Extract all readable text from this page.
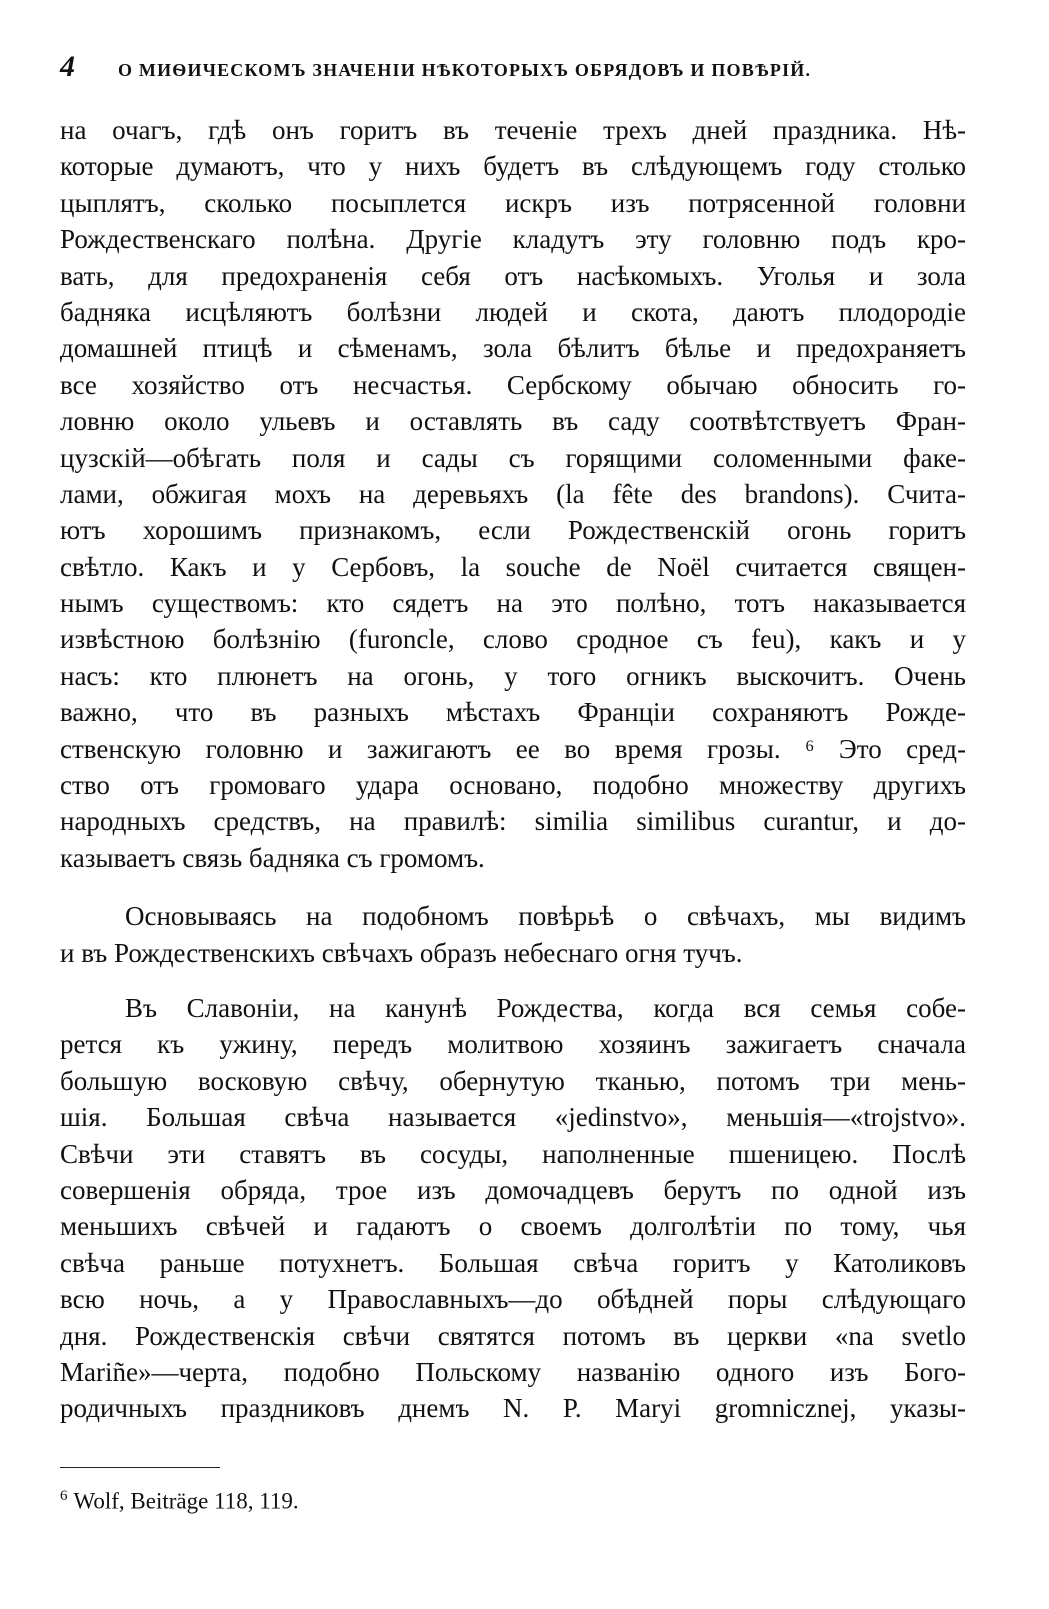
4 О МИѲИЧЕСКОМЪ ЗНАЧЕНІИ НѢКОТОРЫХЪ ОБРЯДОВЪ И ПОВѢРІЙ.
на очагъ, гдѣ онъ горитъ въ теченіе трехъ дней праздника. Нѣ-
которые думаютъ, что у нихъ будетъ въ слѣдующемъ году столько
цыплятъ, сколько посыплется искръ изъ потрясенной головни
Рождественскаго полѣна. Другіе кладутъ эту головню подъ кро-
вать, для предохраненія себя отъ насѣкомыхъ. Уголья и зола
бадняка исцѣляютъ болѣзни людей и скота, даютъ плодородіе
домашней птицѣ и сѣменамъ, зола бѣлитъ бѣлье и предохраняетъ
все хозяйство отъ несчастья. Сербскому обычаю обносить го-
ловню около ульевъ и оставлять въ саду соотвѣтствуетъ Фран-
цузскій—обѣгать поля и сады съ горящими соломенными факе-
лами, обжигая мохъ на деревьяхъ (la fête des brandons). Счита-
ютъ хорошимъ признакомъ, если Рождественскій огонь горитъ
свѣтло. Какъ и у Сербовъ, la souche de Noël считается священ-
нымъ существомъ: кто сядетъ на это полѣно, тотъ наказывается
извѣстною болѣзнію (furoncle, слово сродное съ feu), какъ и у
насъ: кто плюнетъ на огонь, у того огникъ выскочитъ. Очень
важно, что въ разныхъ мѣстахъ Франціи сохраняютъ Рожде-
ственскую головню и зажигаютъ ее во время грозы. ⁶ Это сред-
ство отъ громоваго удара основано, подобно множеству другихъ
народныхъ средствъ, на правилѣ: similia similibus curantur, и до-
казываетъ связь бадняка съ громомъ.
Основываясь на подобномъ повѣрьѣ о свѣчахъ, мы видимъ
и въ Рождественскихъ свѣчахъ образъ небеснаго огня тучъ.
Въ Славоніи, на канунѣ Рождества, когда вся семья собе-
рется къ ужину, передъ молитвою хозяинъ зажигаетъ сначала
большую восковую свѣчу, обернутую тканью, потомъ три мень-
шія. Большая свѣча называется «jedinstvo», меньшія—«trojstvo».
Свѣчи эти ставятъ въ сосуды, наполненные пшеницею. Послѣ
совершенія обряда, трое изъ домочадцевъ берутъ по одной изъ
меньшихъ свѣчей и гадаютъ о своемъ долголѣтіи по тому, чья
свѣча раньше потухнетъ. Большая свѣча горитъ у Католиковъ
всю ночь, а у Православныхъ—до обѣдней поры слѣдующаго
дня. Рождественскія свѣчи святятся потомъ въ церкви «na svetlo
Mariñe»—черта, подобно Польскому названію одного изъ Бого-
родичныхъ праздниковъ днемъ N. P. Maryi gromnicznej, указы-
$^6$ Wolf, Beiträge 118, 119.
